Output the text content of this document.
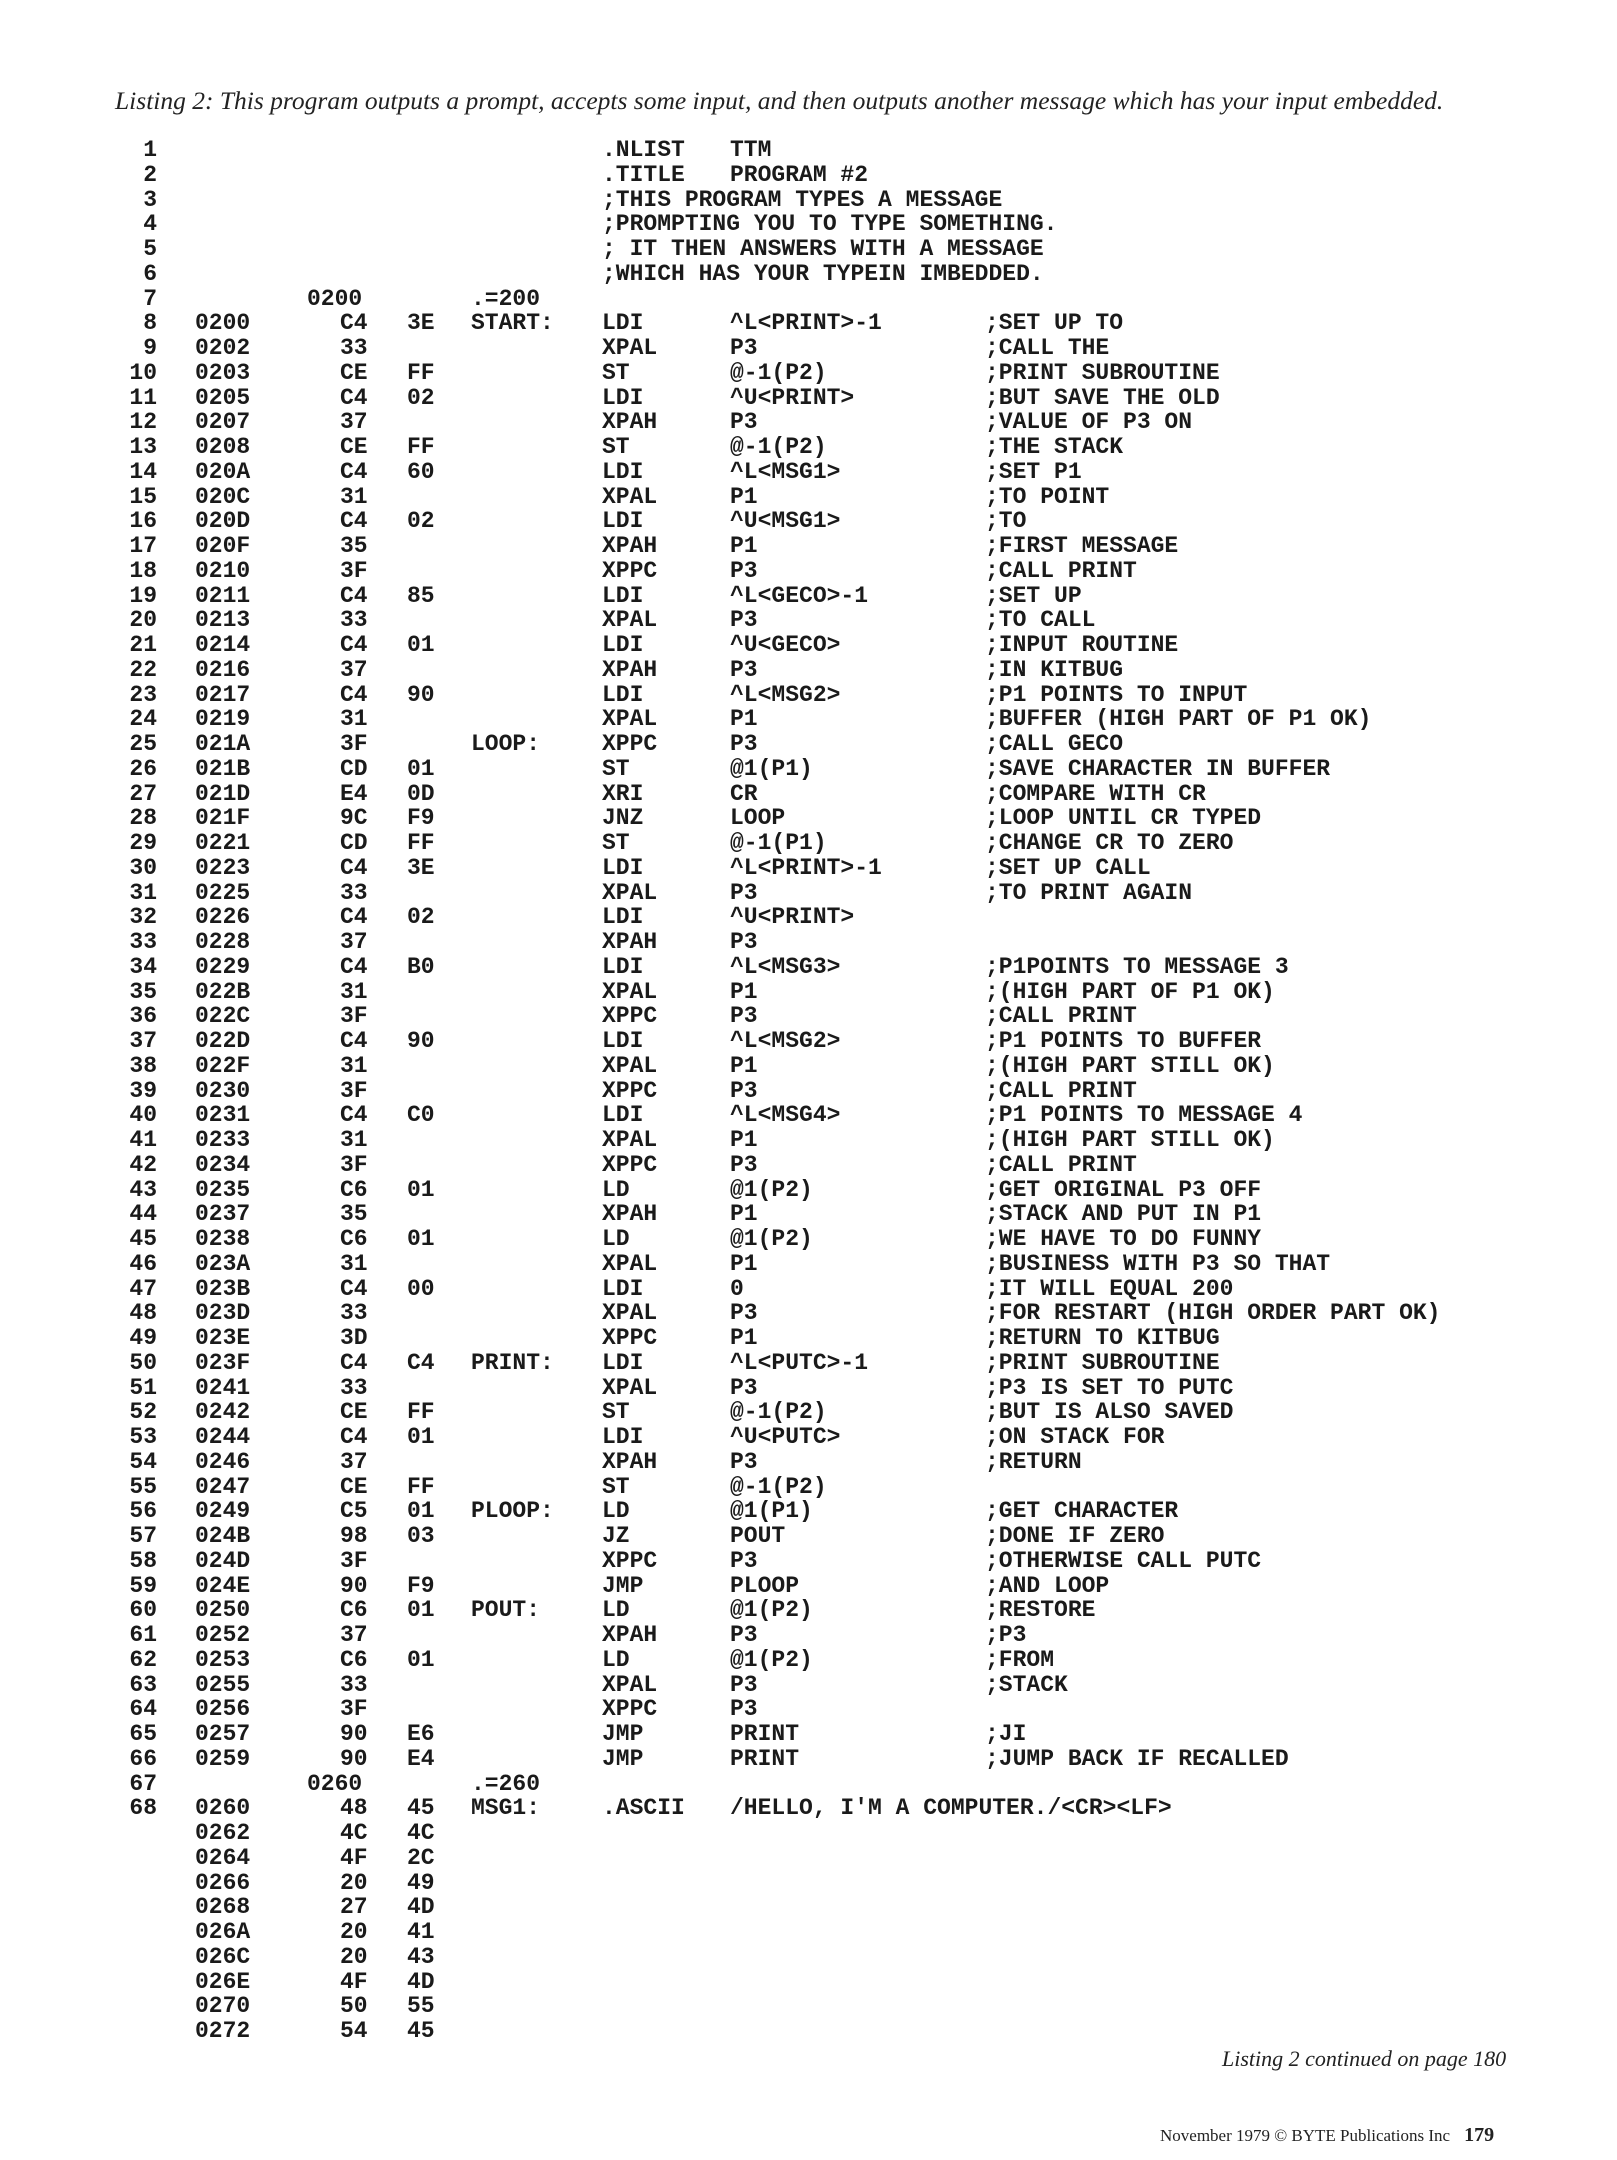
Listing 2: This program outputs a prompt, accepts some input, and then outputs another message which has your input embedded.
1	.NLIST TTM
2	.TITLE PROGRAM #2
3	;THIS PROGRAM TYPES A MESSAGE
4	;PROMPTING YOU TO TYPE SOMETHING.
5	; IT THEN ANSWERS WITH A MESSAGE
6	;WHICH HAS YOUR TYPEIN IMBEDDED.
7	0200	.=200
8 0200	C4 3E START: LDI	^L<PRINT>-1	;SET UP TO
9 0202	33	XPAL	P3	;CALL THE
10 0203	CE FF	ST	@-1(P2)	;PRINT SUBROUTINE
11 0205	C4 02	LDI	^U<PRINT>	;BUT SAVE THE OLD
12 0207	37	XPAH	P3	;VALUE OF P3 ON
13 0208	CE FF	ST	@-1(P2)	;THE STACK
14 020A	C4 60	LDI	^L<MSG1>	;SET P1
15 020C	31	XPAL	P1	;TO POINT
16 020D	C4 02	LDI	^U<MSG1>	;TO
17 020F	35	XPAH	P1	;FIRST MESSAGE
18 0210	3F	XPPC	P3	;CALL PRINT
19 0211	C4 85	LDI	^L<GECO>-1	;SET UP
20 0213	33	XPAL	P3	;TO CALL
21 0214	C4 01	LDI	^U<GECO>	;INPUT ROUTINE
22 0216	37	XPAH	P3	;IN KITBUG
23 0217	C4 90	LDI	^L<MSG2>	;P1 POINTS TO INPUT
24 0219	31	XPAL	P1	;BUFFER (HIGH PART OF P1 OK)
25 021A	3F	LOOP:	XPPC	P3	;CALL GECO
26 021B	CD 01	ST	@1(P1)	;SAVE CHARACTER IN BUFFER
27 021D	E4 0D	XRI	CR	;COMPARE WITH CR
28 021F	9C F9	JNZ	LOOP	;LOOP UNTIL CR TYPED
29 0221	CD FF	ST	@-1(P1)	;CHANGE CR TO ZERO
30 0223	C4 3E	LDI	^L<PRINT>-1	;SET UP CALL
31 0225	33	XPAL	P3	;TO PRINT AGAIN
32 0226	C4 02	LDI	^U<PRINT>
33 0228	37	XPAH	P3
34 0229	C4 B0	LDI	^L<MSG3>	;P1POINTS TO MESSAGE 3
35 022B	31	XPAL	P1	;(HIGH PART OF P1 OK)
36 022C	3F	XPPC	P3	;CALL PRINT
37 022D	C4 90	LDI	^L<MSG2>	;P1 POINTS TO BUFFER
38 022F	31	XPAL	P1	;(HIGH PART STILL OK)
39 0230	3F	XPPC	P3	;CALL PRINT
40 0231	C4 C0	LDI	^L<MSG4>	;P1 POINTS TO MESSAGE 4
41 0233	31	XPAL	P1	;(HIGH PART STILL OK)
42 0234	3F	XPPC	P3	;CALL PRINT
43 0235	C6 01	LD	@1(P2)	;GET ORIGINAL P3 OFF
44 0237	35	XPAH	P1	;STACK AND PUT IN P1
45 0238	C6 01	LD	@1(P2)	;WE HAVE TO DO FUNNY
46 023A	31	XPAL	P1	;BUSINESS WITH P3 SO THAT
47 023B	C4 00	LDI	0	;IT WILL EQUAL 200
48 023D	33	XPAL	P3	;FOR RESTART (HIGH ORDER PART OK)
49 023E	3D	XPPC	P1	;RETURN TO KITBUG
50 023F	C4 C4 PRINT: LDI	^L<PUTC>-1	;PRINT SUBROUTINE
51 0241	33	XPAL	P3	;P3 IS SET TO PUTC
52 0242	CE FF	ST	@-1(P2)	;BUT IS ALSO SAVED
53 0244	C4 01	LDI	^U<PUTC>	;ON STACK FOR
54 0246	37	XPAH	P3	;RETURN
55 0247	CE FF	ST	@-1(P2)
56 0249	C5 01 PLOOP: LD	@1(P1)	;GET CHARACTER
57 024B	98 03	JZ	POUT	;DONE IF ZERO
58 024D	3F	XPPC	P3	;OTHERWISE CALL PUTC
59 024E	90 F9	JMP	PLOOP	;AND LOOP
60 0250	C6 01 POUT:	LD	@1(P2)	;RESTORE
61 0252	37	XPAH	P3	;P3
62 0253	C6 01	LD	@1(P2)	;FROM
63 0255	33	XPAL	P3	;STACK
64 0256	3F	XPPC	P3
65 0257	90 E6	JMP	PRINT	;JI
66 0259	90 E4	JMP	PRINT	;JUMP BACK IF RECALLED
67	0260	.=260
68 0260	48 45 MSG1:	.ASCII /HELLO, I'M A COMPUTER./<CR><LF>
0262	4C 4C
0264	4F 2C
0266	20 49
0268	27 4D
026A	20 41
026C	20 43
026E	4F 4D
0270	50 55
0272	54 45
Listing 2 continued on page 180
November 1979 © BYTE Publications Inc 179
